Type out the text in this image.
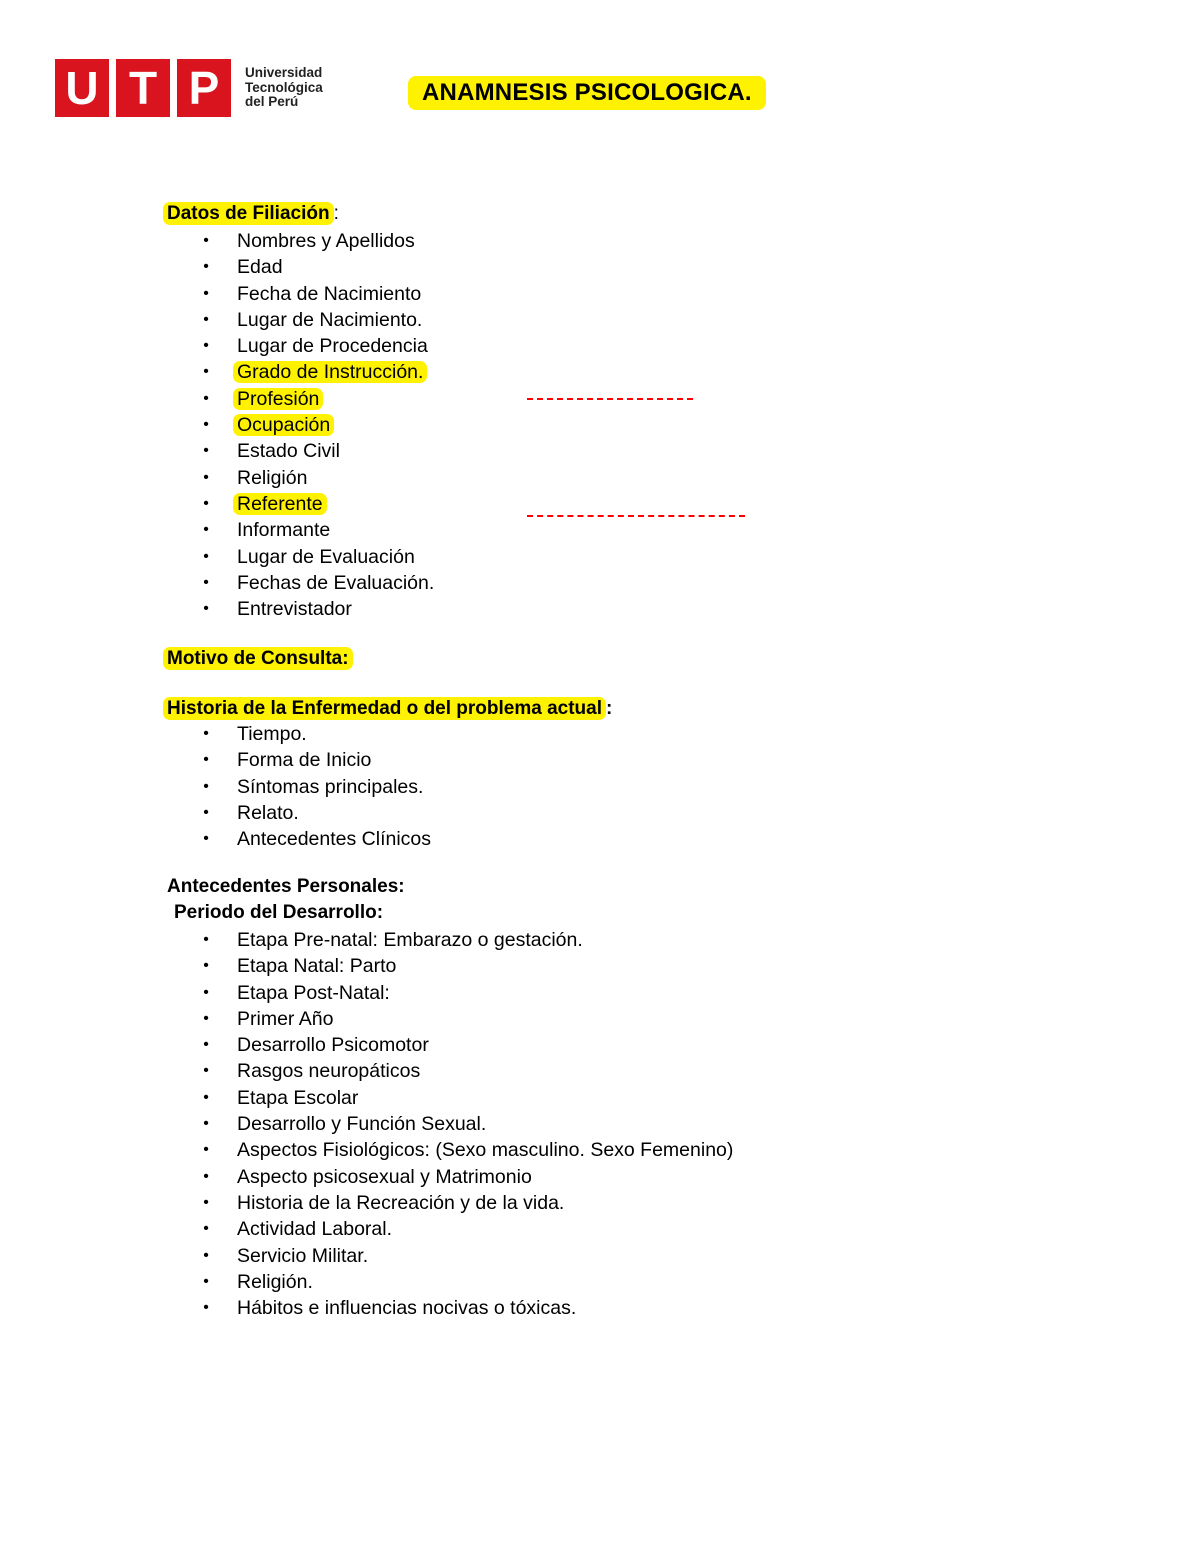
U T P	Universidad
Tecnológica
del Perú	ANAMNESIS PSICOLOGICA.
Datos de Filiación :
• Nombres y Apellidos
• Edad
• Fecha de Nacimiento
• Lugar de Nacimiento.
• Lugar de Procedencia
• Grado de Instrucción.
• Profesión
• Ocupación
• Estado Civil
• Religión
• Referente
• Informante
• Lugar de Evaluación
• Fechas de Evaluación.
• Entrevistador
Motivo de Consulta:
Historia de la Enfermedad o del problema actual :
• Tiempo.
• Forma de Inicio
• Síntomas principales.
• Relato.
• Antecedentes Clínicos
Antecedentes Personales:
Periodo del Desarrollo:
• Etapa Pre-natal: Embarazo o gestación.
• Etapa Natal: Parto
• Etapa Post-Natal:
• Primer Año
• Desarrollo Psicomotor
• Rasgos neuropáticos
• Etapa Escolar
• Desarrollo y Función Sexual.
• Aspectos Fisiológicos: (Sexo masculino. Sexo Femenino)
• Aspecto psicosexual y Matrimonio
• Historia de la Recreación y de la vida.
• Actividad Laboral.
• Servicio Militar.
• Religión.
• Hábitos e influencias nocivas o tóxicas.
